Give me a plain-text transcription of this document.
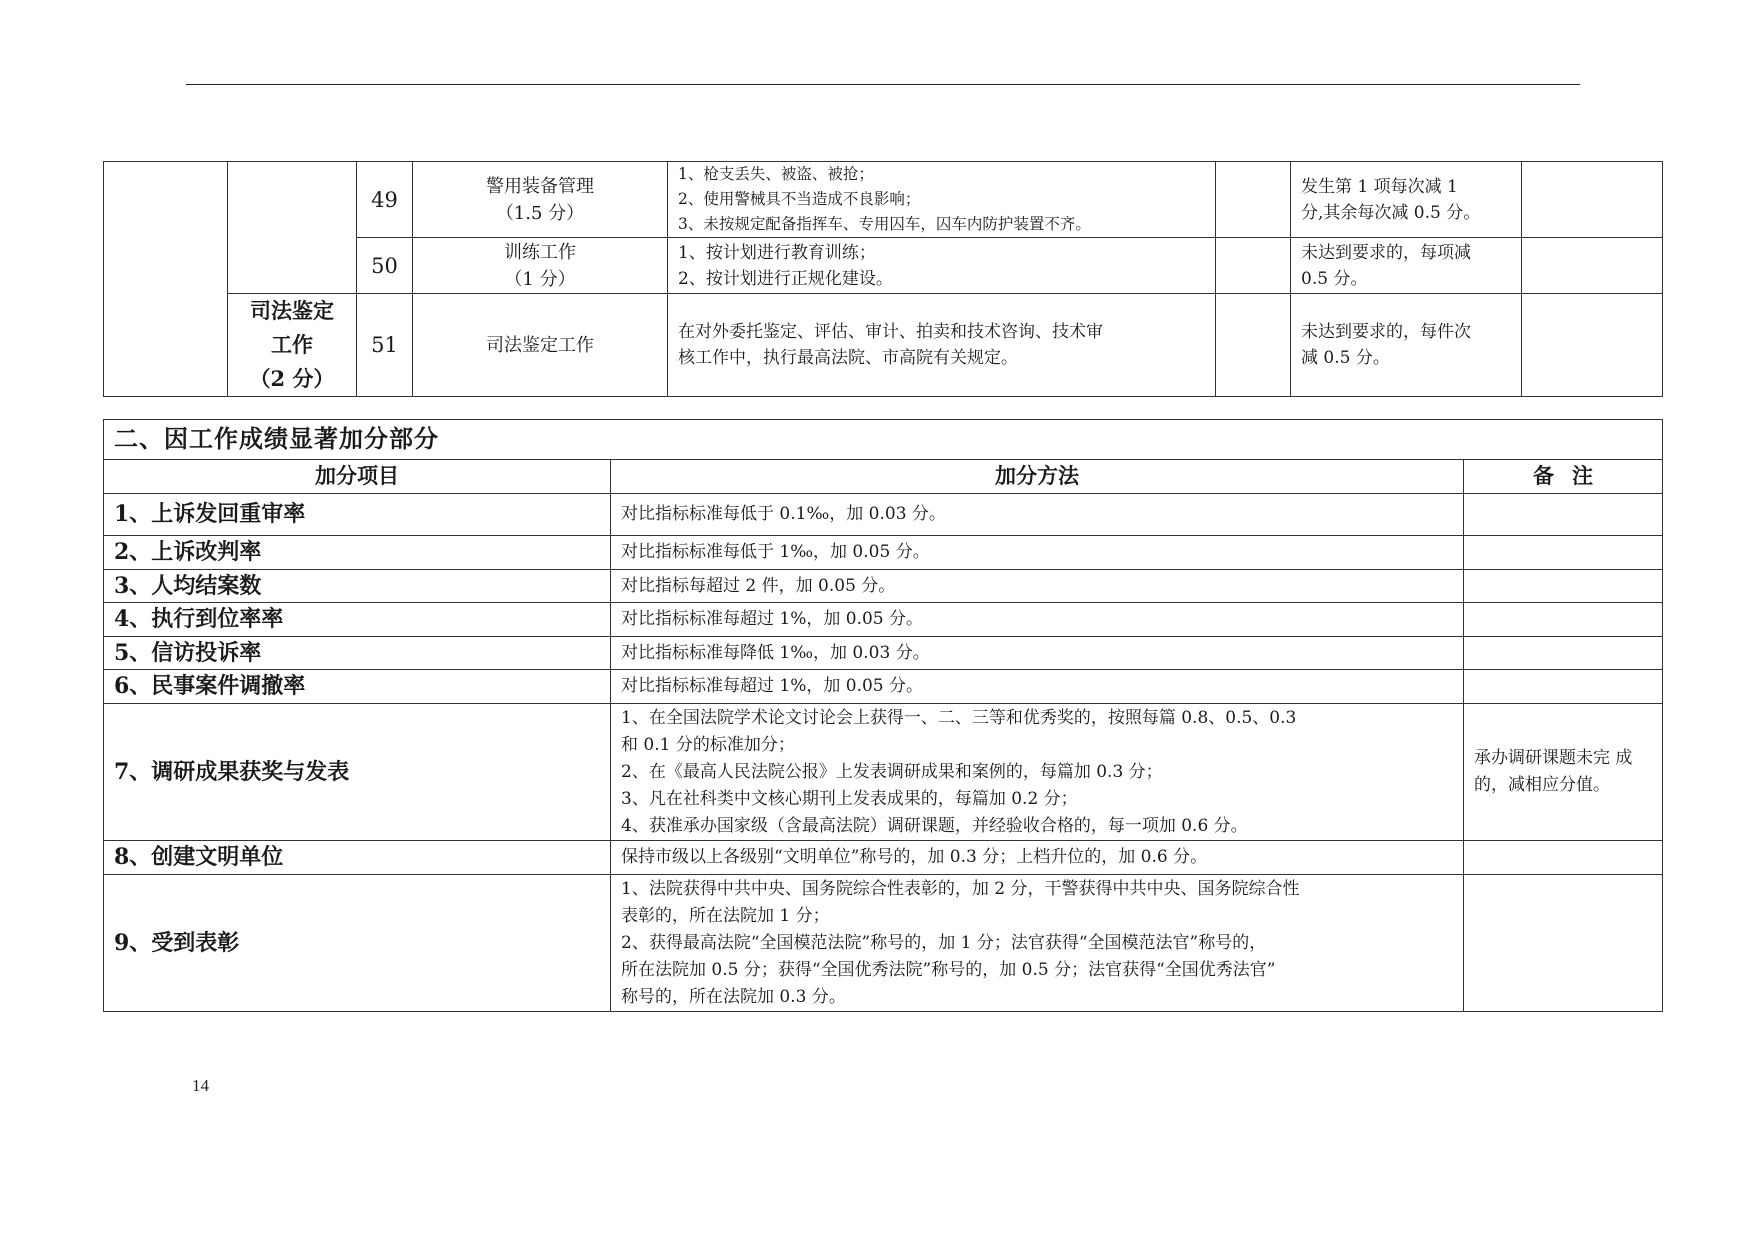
		49	警用装备管理
（1.5 分）	1、枪支丢失、被盗、被抢；
2、使用警械具不当造成不良影响；
3、未按规定配备指挥车、专用囚车，囚车内防护装置不齐。		发生第 1 项每次减 1
分,其余每次减 0.5 分。	

		50	训练工作
（1 分）	1、按计划进行教育训练；
2、按计划进行正规化建设。		未达到要求的，每项减
0.5 分。	

	司法鉴定
工作
（2 分）	51	司法鉴定工作	在对外委托鉴定、评估、审计、拍卖和技术咨询、技术审
核工作中，执行最高法院、市高院有关规定。		未达到要求的，每件次
减 0.5 分。	

二、因工作成绩显著加分部分		
加分项目	加分方法	备注
1、上诉发回重审率	对比指标标准每低于 0.1‰，加 0.03 分。	

2、上诉改判率	对比指标标准每低于 1‰，加 0.05 分。	

3、人均结案数	对比指标每超过 2 件，加 0.05 分。	

4、执行到位率率	对比指标标准每超过 1%，加 0.05 分。	

5、信访投诉率	对比指标标准每降低 1‰，加 0.03 分。	

6、民事案件调撤率	对比指标标准每超过 1%，加 0.05 分。	

7、调研成果获奖与发表	1、在全国法院学术论文讨论会上获得一、二、三等和优秀奖的，按照每篇 0.8、0.5、0.3
和 0.1 分的标准加分；
2、在《最高人民法院公报》上发表调研成果和案例的，每篇加 0.3 分；
3、凡在社科类中文核心期刊上发表成果的，每篇加 0.2 分；
4、获准承办国家级（含最高法院）调研课题，并经验收合格的，每一项加 0.6 分。	承办调研课题未完 成的，减相应分值。
8、创建文明单位	保持市级以上各级别“文明单位”称号的，加 0.3 分；上档升位的，加 0.6 分。	

9、受到表彰	1、法院获得中共中央、国务院综合性表彰的，加 2 分，干警获得中共中央、国务院综合性
表彰的，所在法院加 1 分；
2、获得最高法院“全国模范法院”称号的，加 1 分；法官获得“全国模范法官”称号的，
所在法院加 0.5 分；获得“全国优秀法院”称号的，加 0.5 分；法官获得“全国优秀法官”
称号的，所在法院加 0.3 分。	

14
